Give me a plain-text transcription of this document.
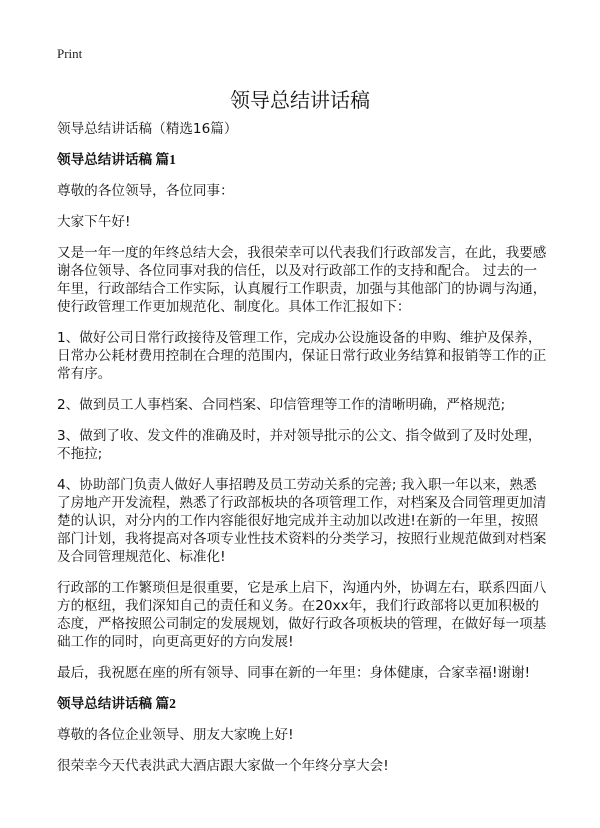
Print
领导总结讲话稿

领导总结讲话稿（精选16篇）

领导总结讲话稿 篇1

尊敬的各位领导，各位同事：

大家下午好!

又是一年一度的年终总结大会，我很荣幸可以代表我们行政部发言，在此，我要感谢各位领导、各位同事对我的信任，以及对行政部工作的支持和配合。 过去的一年里，行政部结合工作实际，认真履行工作职责，加强与其他部门的协调与沟通，使行政管理工作更加规范化、制度化。具体工作汇报如下：

1、做好公司日常行政接待及管理工作，完成办公设施设备的申购、维护及保养，日常办公耗材费用控制在合理的范围内，保证日常行政业务结算和报销等工作的正常有序。

2、做到员工人事档案、合同档案、印信管理等工作的清晰明确，严格规范;

3、做到了收、发文件的准确及时，并对领导批示的公文、指令做到了及时处理，不拖拉;

4、协助部门负责人做好人事招聘及员工劳动关系的完善; 我入职一年以来，熟悉了房地产开发流程，熟悉了行政部板块的各项管理工作，对档案及合同管理更加清楚的认识，对分内的工作内容能很好地完成并主动加以改进!在新的一年里，按照部门计划，我将提高对各项专业性技术资料的分类学习，按照行业规范做到对档案及合同管理规范化、标准化!

行政部的工作繁琐但是很重要，它是承上启下，沟通内外，协调左右，联系四面八方的枢纽，我们深知自己的责任和义务。在20xx年，我们行政部将以更加积极的态度，严格按照公司制定的发展规划，做好行政各项板块的管理，在做好每一项基础工作的同时，向更高更好的方向发展!

最后，我祝愿在座的所有领导、同事在新的一年里：身体健康，合家幸福!谢谢!

领导总结讲话稿 篇2

尊敬的各位企业领导、朋友大家晚上好!

很荣幸今天代表洪武大酒店跟大家做一个年终分享大会!
